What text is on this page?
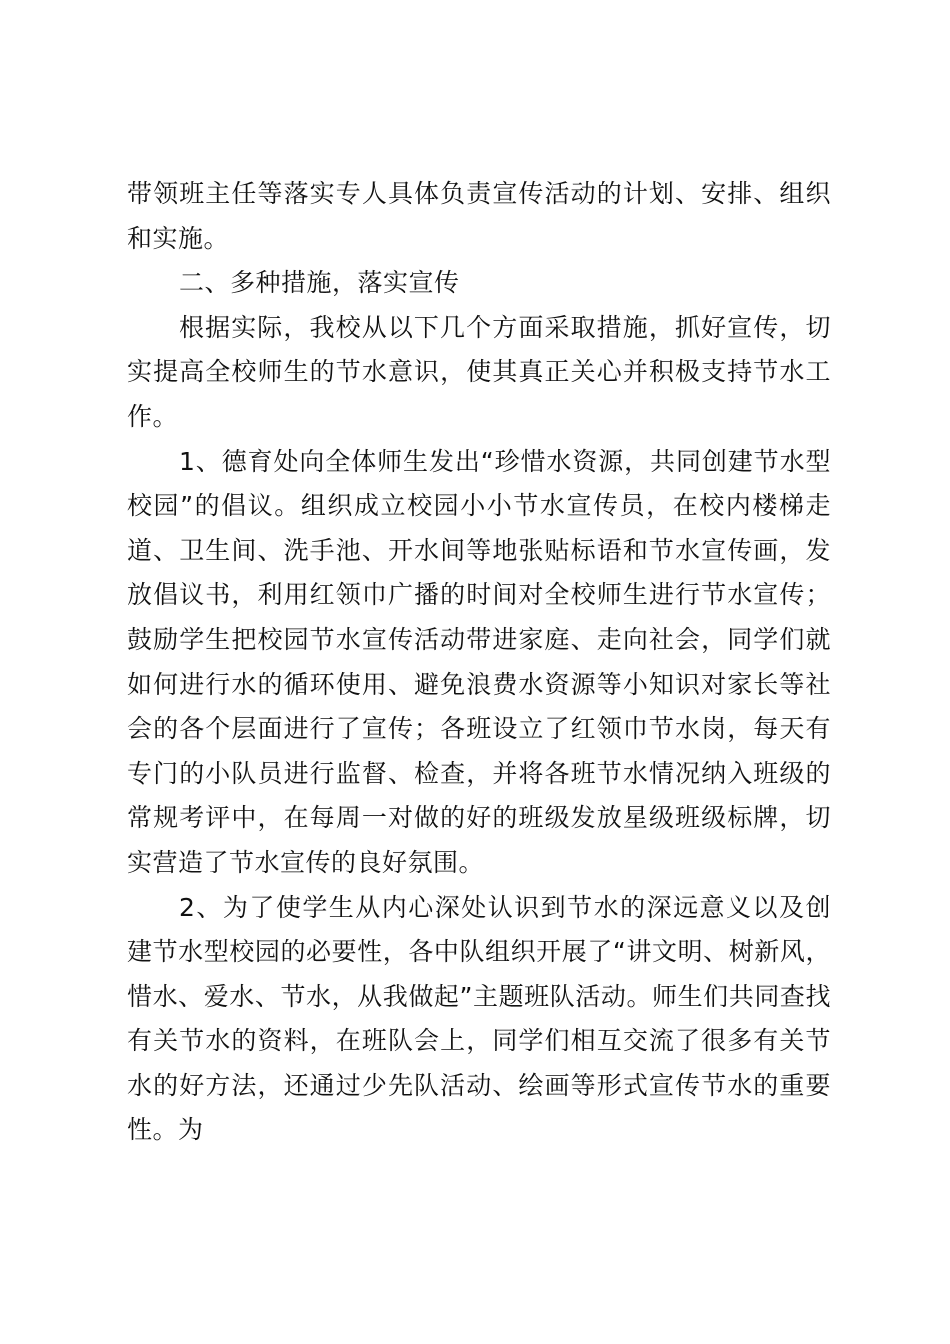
带领班主任等落实专人具体负责宣传活动的计划、安排、组织和实施。

二、多种措施，落实宣传

根据实际，我校从以下几个方面采取措施，抓好宣传，切实提高全校师生的节水意识，使其真正关心并积极支持节水工作。

1、德育处向全体师生发出“珍惜水资源，共同创建节水型校园”的倡议。组织成立校园小小节水宣传员，在校内楼梯走道、卫生间、洗手池、开水间等地张贴标语和节水宣传画，发放倡议书，利用红领巾广播的时间对全校师生进行节水宣传；鼓励学生把校园节水宣传活动带进家庭、走向社会，同学们就如何进行水的循环使用、避免浪费水资源等小知识对家长等社会的各个层面进行了宣传；各班设立了红领巾节水岗，每天有专门的小队员进行监督、检查，并将各班节水情况纳入班级的常规考评中，在每周一对做的好的班级发放星级班级标牌，切实营造了节水宣传的良好氛围。

2、为了使学生从内心深处认识到节水的深远意义以及创建节水型校园的必要性，各中队组织开展了“讲文明、树新风，惜水、爱水、节水，从我做起”主题班队活动。师生们共同查找有关节水的资料，在班队会上，同学们相互交流了很多有关节水的好方法，还通过少先队活动、绘画等形式宣传节水的重要性。为
